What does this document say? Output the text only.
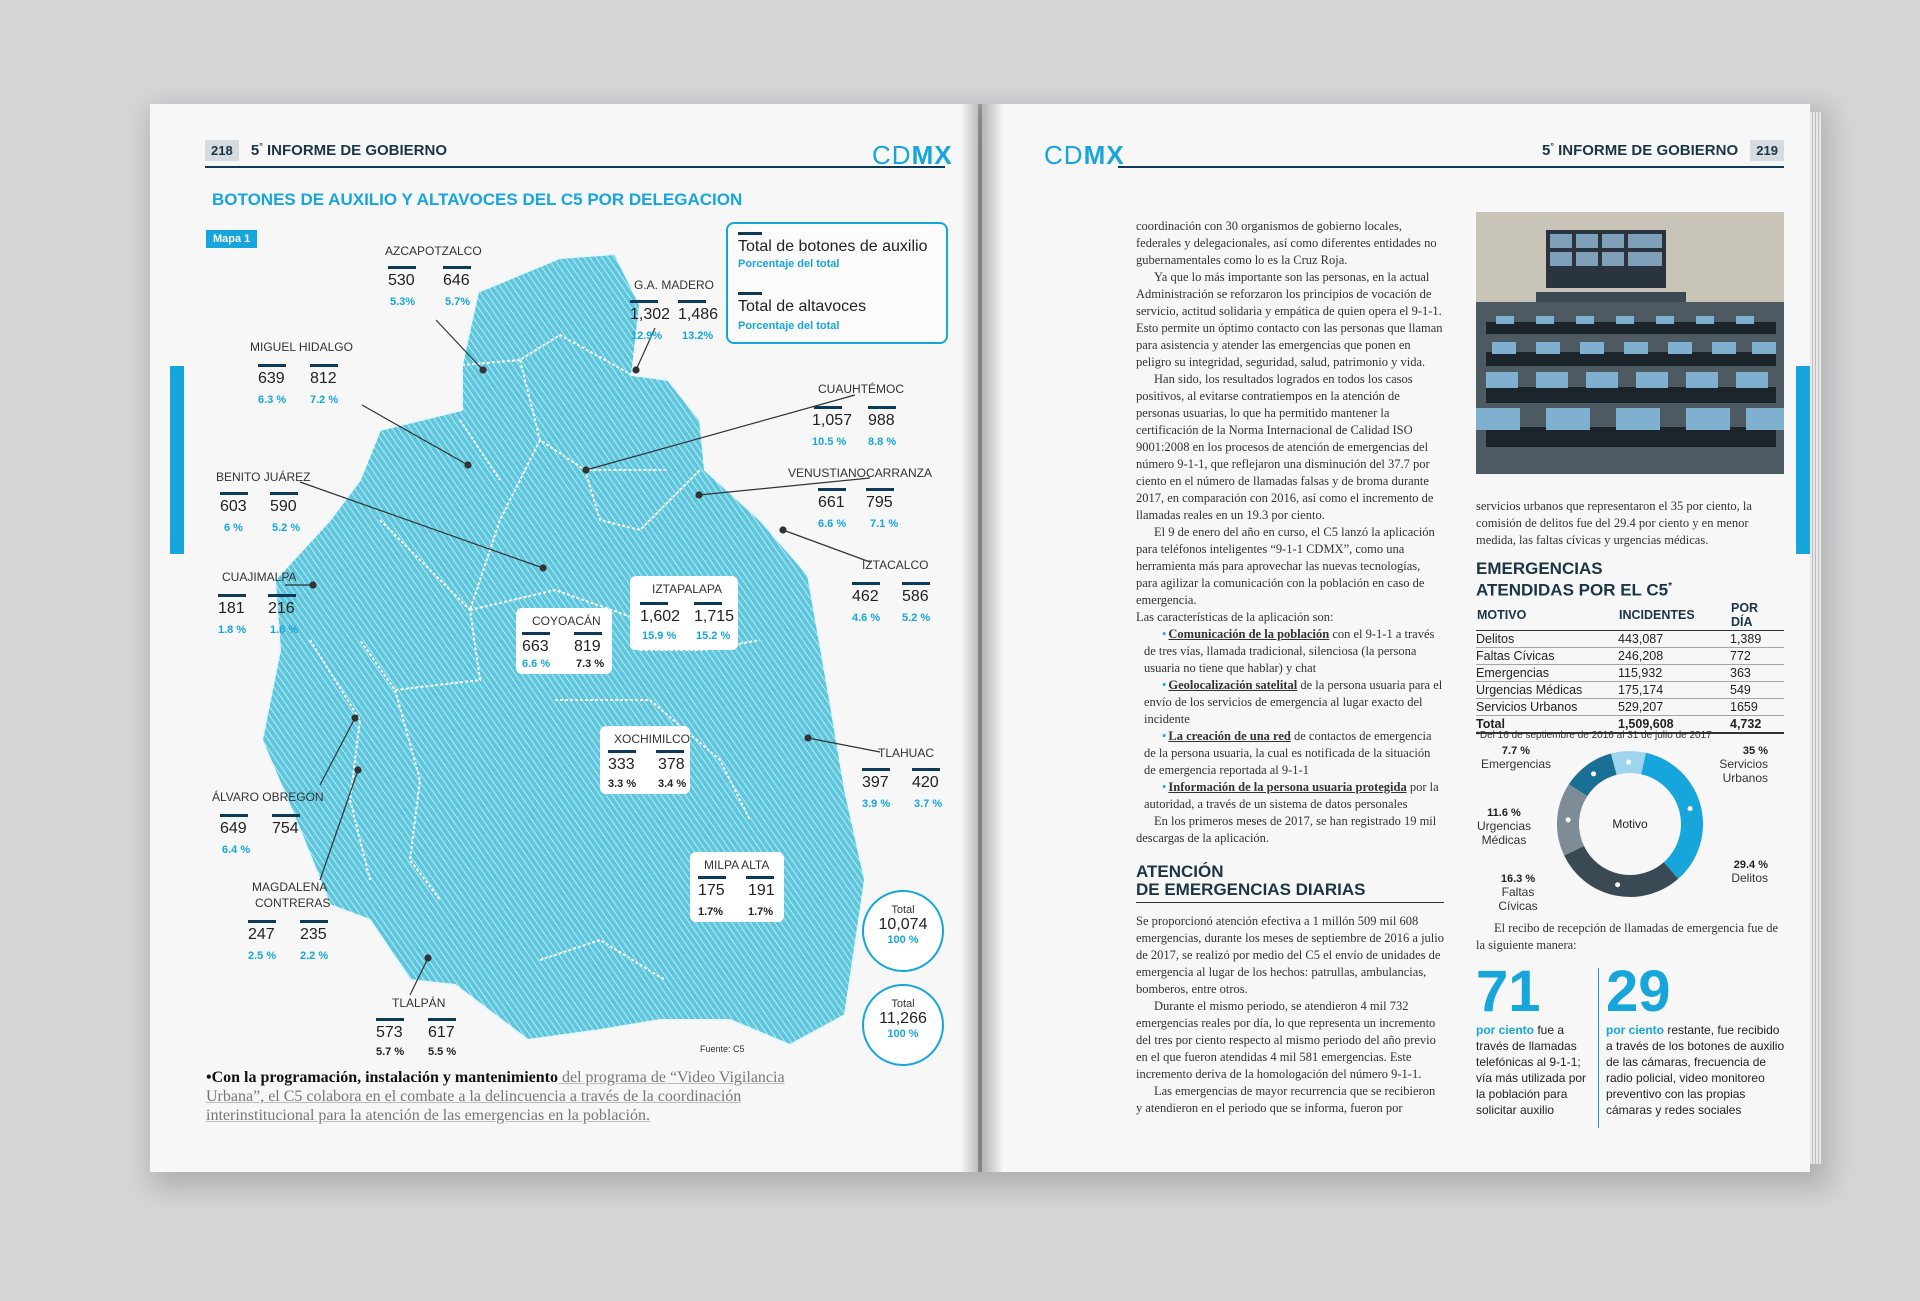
218 5° INFORME DE GOBIERNO	CDMX
BOTONES DE AUXILIO Y ALTAVOCES DEL C5 POR DELEGACION
Mapa 1	Total de botones de auxilio
Porcentaje del total
Total de altavoces
Porcentaje del total
AZCAPOTZALCO
530 646
5.3%	5.7%
G.A. MADERO
1,302 1,486
12.9% 13.2%
MIGUEL HIDALGO
639 812
6.3 % 7.2 %
CUAUHTÉMOC
1,057 988
10.5 % 8.8 %
BENITO JUÁREZ
603 590
6 %	5.2 %
VENUSTIANOCARRANZA
661 795
6.6 % 7.1 %
CUAJIMALPA
181 216
1.8 % 1.6 %
IZTACALCO
462 586
4.6 % 5.2 %
IZTAPALAPA
1,602 1,715
15.9 % 15.2 %
COYOACÁN
663 819
6.6 % 7.3 %
ÁLVARO OBREGÓN
649 754
6.4 %
XOCHIMILCO
333 378
3.3 % 3.4 %
TLAHUAC
397 420
3.9 % 3.7 %
MAGDALENA
CONTRERAS
247 235
2.5 % 2.2 %
MILPA ALTA
175 191
1.7% 1.7%
TLALPÁN
573 617
5.7 % 5.5 %
Total
10,074
100 %
Total
11,266
100 %
Fuente: C5
•Con la programación, instalación y mantenimiento del programa de “Video Vigilancia Urbana”, el C5 colabora en el combate a la delincuencia a través de la coordinación interinstitucional para la atención de las emergencias en la población.
CDMX	5° INFORME DE GOBIERNO 219

coordinación con 30 organismos de gobierno locales, federales y delegacionales, así como diferentes entidades no gubernamentales como lo es la Cruz Roja.

Ya que lo más importante son las personas, en la actual Administración se reforzaron los principios de vocación de servicio, actitud solidaria y empática de quien opera el 9-1-1. Esto permite un óptimo contacto con las personas que llaman para asistencia y atender las emergencias que ponen en peligro su integridad, seguridad, salud, patrimonio y vida.

Han sido, los resultados logrados en todos los casos positivos, al evitarse contratiempos en la atención de personas usuarias, lo que ha permitido mantener la certificación de la Norma Internacional de Calidad ISO 9001:2008 en los procesos de atención de emergencias del número 9-1-1, que reflejaron una disminución del 37.7 por ciento en el número de llamadas falsas y de broma durante 2017, en comparación con 2016, así como el incremento de llamadas reales en un 19.3 por ciento.

El 9 de enero del año en curso, el C5 lanzó la aplicación para teléfonos inteligentes “9-1-1 CDMX”, como una herramienta más para aprovechar las nuevas tecnologías, para agilizar la comunicación con la población en caso de emergencia.

Las características de la aplicación son:

• Comunicación de la población con el 9-1-1 a través de tres vías, llamada tradicional, silenciosa (la persona usuaria no tiene que hablar) y chat

• Geolocalización satelital de la persona usuaria para el envío de los servicios de emergencia al lugar exacto del incidente

• La creación de una red de contactos de emergencia de la persona usuaria, la cual es notificada de la situación de emergencia reportada al 9-1-1

• Información de la persona usuaria protegida por la autoridad, a través de un sistema de datos personales

En los primeros meses de 2017, se han registrado 19 mil descargas de la aplicación.

ATENCIÓN
DE EMERGENCIAS DIARIAS

Se proporcionó atención efectiva a 1 millón 509 mil 608 emergencias, durante los meses de septiembre de 2016 a julio de 2017, se realizó por medio del C5 el envío de unidades de emergencia al lugar de los hechos: patrullas, ambulancias, bomberos, entre otros.

Durante el mismo periodo, se atendieron 4 mil 732 emergencias reales por día, lo que representa un incremento del tres por ciento respecto al mismo periodo del año previo en el que fueron atendidas 4 mil 581 emergencias. Este incremento deriva de la homologación del número 9-1-1.

Las emergencias de mayor recurrencia que se recibieron y atendieron en el periodo que se informa, fueron por

servicios urbanos que representaron el 35 por ciento, la comisión de delitos fue del 29.4 por ciento y en menor medida, las faltas cívicas y urgencias médicas.

EMERGENCIAS
ATENDIDAS POR EL C5*
MOTIVO	INCIDENTES	POR DÍA
Delitos	443,087	1,389
Faltas Cívicas	246,208	772
Emergencias	115,932	363
Urgencias Médicas	175,174	549
Servicios Urbanos	529,207	1659
Total	1,509,608	4,732
*Del 16 de septiembre de 2016 al 31 de julio de 2017
35 %
Servicios
Urbanos
29.4 %
Delitos
16.3 %
Faltas
Cívicas
11.6 %
Urgencias
Médicas
7.7 %
Emergencias
Motivo

El recibo de recepción de llamadas de emergencia fue de la siguiente manera:

71
por ciento fue a través de llamadas telefónicas al 9-1-1; vía más utilizada por la población para solicitar auxilio
29
por ciento restante, fue recibido a través de los botones de auxilio de las cámaras, frecuencia de radio policial, video monitoreo preventivo con las propias cámaras y redes sociales
